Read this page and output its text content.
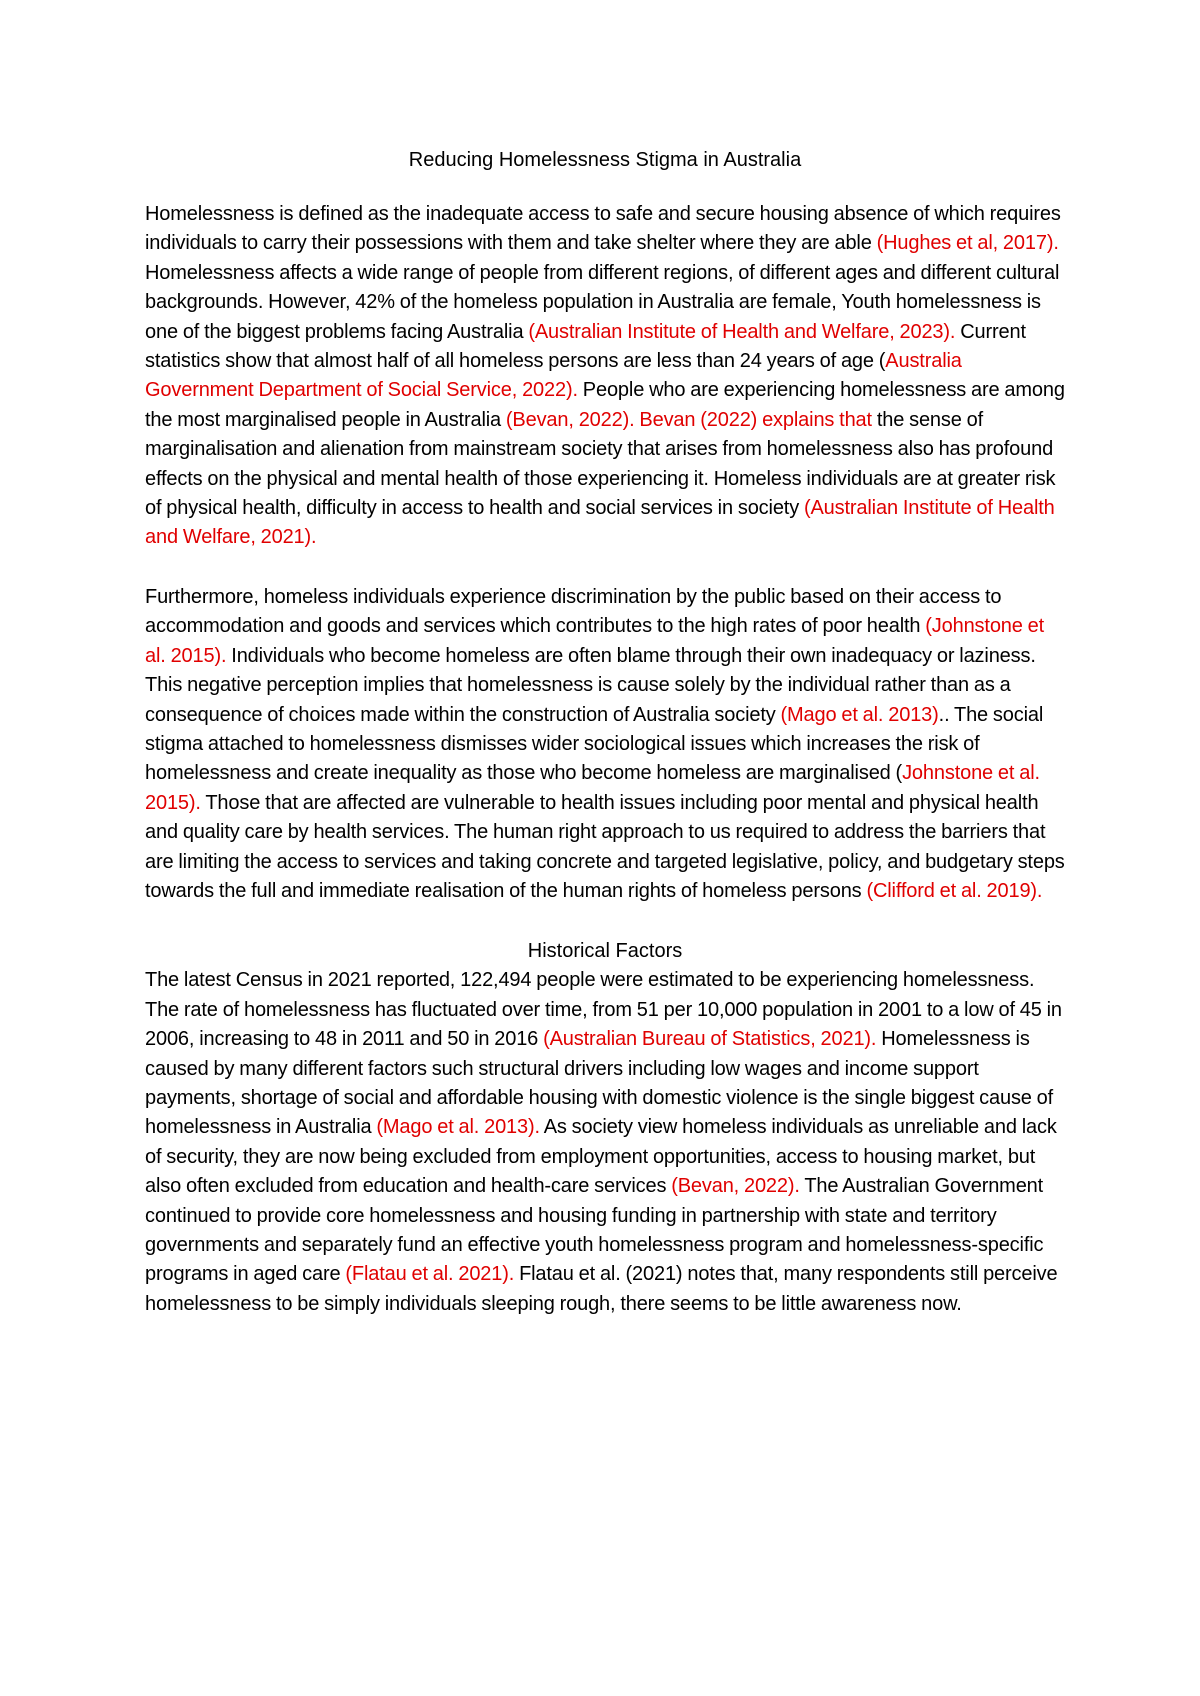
Reducing Homelessness Stigma in Australia

Homelessness is defined as the inadequate access to safe and secure housing absence of which requires individuals to carry their possessions with them and take shelter where they are able (Hughes et al, 2017). Homelessness affects a wide range of people from different regions, of different ages and different cultural backgrounds. However, 42% of the homeless population in Australia are female, Youth homelessness is one of the biggest problems facing Australia (Australian Institute of Health and Welfare, 2023). Current statistics show that almost half of all homeless persons are less than 24 years of age (Australia Government Department of Social Service, 2022). People who are experiencing homelessness are among the most marginalised people in Australia (Bevan, 2022). Bevan (2022) explains that the sense of marginalisation and alienation from mainstream society that arises from homelessness also has profound effects on the physical and mental health of those experiencing it. Homeless individuals are at greater risk of physical health, difficulty in access to health and social services in society (Australian Institute of Health and Welfare, 2021).

Furthermore, homeless individuals experience discrimination by the public based on their access to accommodation and goods and services which contributes to the high rates of poor health (Johnstone et al. 2015). Individuals who become homeless are often blame through their own inadequacy or laziness. This negative perception implies that homelessness is cause solely by the individual rather than as a consequence of choices made within the construction of Australia society (Mago et al. 2013).. The social stigma attached to homelessness dismisses wider sociological issues which increases the risk of homelessness and create inequality as those who become homeless are marginalised (Johnstone et al. 2015). Those that are affected are vulnerable to health issues including poor mental and physical health and quality care by health services. The human right approach to us required to address the barriers that are limiting the access to services and taking concrete and targeted legislative, policy, and budgetary steps towards the full and immediate realisation of the human rights of homeless persons (Clifford et al. 2019).

Historical Factors

The latest Census in 2021 reported, 122,494 people were estimated to be experiencing homelessness. The rate of homelessness has fluctuated over time, from 51 per 10,000 population in 2001 to a low of 45 in 2006, increasing to 48 in 2011 and 50 in 2016 (Australian Bureau of Statistics, 2021). Homelessness is caused by many different factors such structural drivers including low wages and income support payments, shortage of social and affordable housing with domestic violence is the single biggest cause of homelessness in Australia (Mago et al. 2013). As society view homeless individuals as unreliable and lack of security, they are now being excluded from employment opportunities, access to housing market, but also often excluded from education and health-care services (Bevan, 2022). The Australian Government continued to provide core homelessness and housing funding in partnership with state and territory governments and separately fund an effective youth homelessness program and homelessness-specific programs in aged care (Flatau et al. 2021). Flatau et al. (2021) notes that, many respondents still perceive homelessness to be simply individuals sleeping rough, there seems to be little awareness now.
